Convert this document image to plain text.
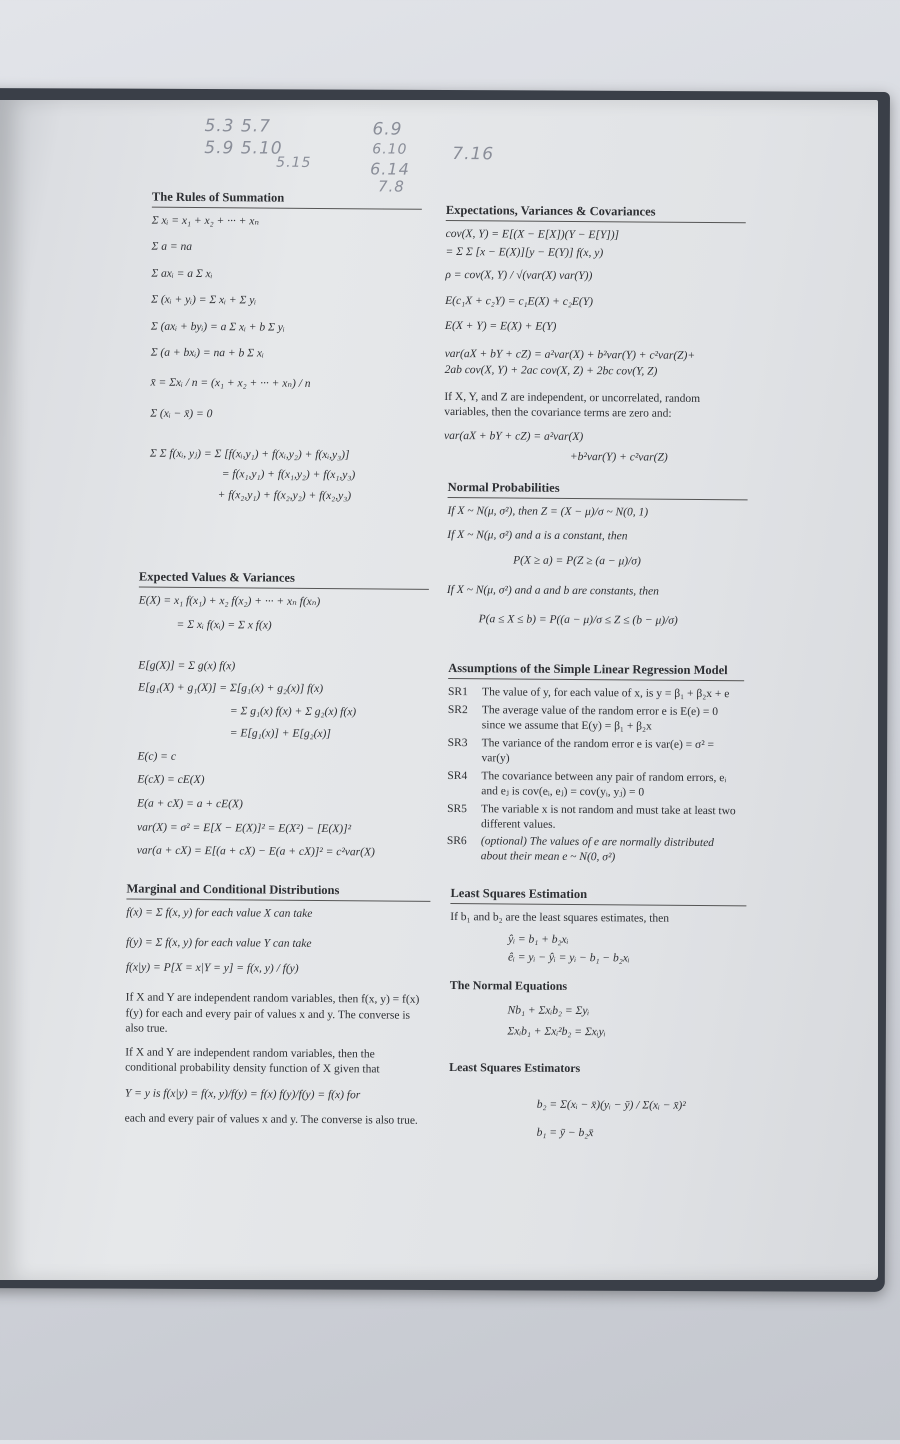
5.3 5.7
5.9 5.10
5.15
6.9
6.10
6.14
7.8
7.16
The Rules of Summation
Σ xᵢ = x₁ + x₂ + ··· + xₙ
Σ a = na
Σ axᵢ = a Σ xᵢ
Σ (xᵢ + yᵢ) = Σ xᵢ + Σ yᵢ
Σ (axᵢ + byᵢ) = a Σ xᵢ + b Σ yᵢ
Σ (a + bxᵢ) = na + b Σ xᵢ
x̄ = Σxᵢ / n = (x₁ + x₂ + ··· + xₙ) / n
Σ (xᵢ − x̄) = 0
Σ Σ f(xᵢ, yⱼ) = Σ [f(xᵢ,y₁) + f(xᵢ,y₂) + f(xᵢ,y₃)]
= f(x₁,y₁) + f(x₁,y₂) + f(x₁,y₃)
+ f(x₂,y₁) + f(x₂,y₂) + f(x₂,y₃)
Expected Values & Variances
E(X) = x₁ f(x₁) + x₂ f(x₂) + ··· + xₙ f(xₙ)
= Σ xᵢ f(xᵢ) = Σ x f(x)
E[g(X)] = Σ g(x) f(x)
E[g₁(X) + g₁(X)] = Σ[g₁(x) + g₂(x)] f(x)
= Σ g₁(x) f(x) + Σ g₂(x) f(x)
= E[g₁(x)] + E[g₂(x)]
E(c) = c
E(cX) = cE(X)
E(a + cX) = a + cE(X)
var(X) = σ² = E[X − E(X)]² = E(X²) − [E(X)]²
var(a + cX) = E[(a + cX) − E(a + cX)]² = c²var(X)
Marginal and Conditional Distributions
f(x) = Σ f(x, y) for each value X can take
f(y) = Σ f(x, y) for each value Y can take
f(x|y) = P[X = x|Y = y] = f(x, y) / f(y)
If X and Y are independent random variables, then f(x, y) = f(x) f(y) for each and every pair of values x and y. The converse is also true.
If X and Y are independent random variables, then the conditional probability density function of X given that
Y = y is f(x|y) = f(x, y)/f(y) = f(x) f(y)/f(y) = f(x) for
each and every pair of values x and y. The converse is also true.
Expectations, Variances & Covariances
cov(X, Y) = E[(X − E[X])(Y − E[Y])]
= Σ Σ [x − E(X)][y − E(Y)] f(x, y)
ρ = cov(X, Y) / √(var(X) var(Y))
E(c₁X + c₂Y) = c₁E(X) + c₂E(Y)
E(X + Y) = E(X) + E(Y)
var(aX + bY + cZ) = a²var(X) + b²var(Y) + c²var(Z)+
2ab cov(X, Y) + 2ac cov(X, Z) + 2bc cov(Y, Z)
If X, Y, and Z are independent, or uncorrelated, random variables, then the covariance terms are zero and:
var(aX + bY + cZ) = a²var(X)
+b²var(Y) + c²var(Z)
Normal Probabilities
If X ~ N(μ, σ²), then Z = (X − μ)/σ ~ N(0, 1)
If X ~ N(μ, σ²) and a is a constant, then
P(X ≥ a) = P(Z ≥ (a − μ)/σ)
If X ~ N(μ, σ²) and a and b are constants, then
P(a ≤ X ≤ b) = P((a − μ)/σ ≤ Z ≤ (b − μ)/σ)
Assumptions of the Simple Linear Regression Model
SR1	The value of y, for each value of x, is y = β₁ + β₂x + e
SR2	The average value of the random error e is E(e) = 0 since we assume that E(y) = β₁ + β₂x
SR3	The variance of the random error e is var(e) = σ² = var(y)
SR4	The covariance between any pair of random errors, eᵢ and eⱼ is cov(eᵢ, eⱼ) = cov(yᵢ, yⱼ) = 0
SR5	The variable x is not random and must take at least two different values.
SR6	(optional) The values of e are normally distributed about their mean e ~ N(0, σ²)
Least Squares Estimation
If b₁ and b₂ are the least squares estimates, then
ŷᵢ = b₁ + b₂xᵢ
êᵢ = yᵢ − ŷᵢ = yᵢ − b₁ − b₂xᵢ
The Normal Equations
Nb₁ + Σxᵢb₂ = Σyᵢ
Σxᵢb₁ + Σxᵢ²b₂ = Σxᵢyᵢ
Least Squares Estimators
b₂ = Σ(xᵢ − x̄)(yᵢ − ȳ) / Σ(xᵢ − x̄)²
b₁ = ȳ − b₂x̄
